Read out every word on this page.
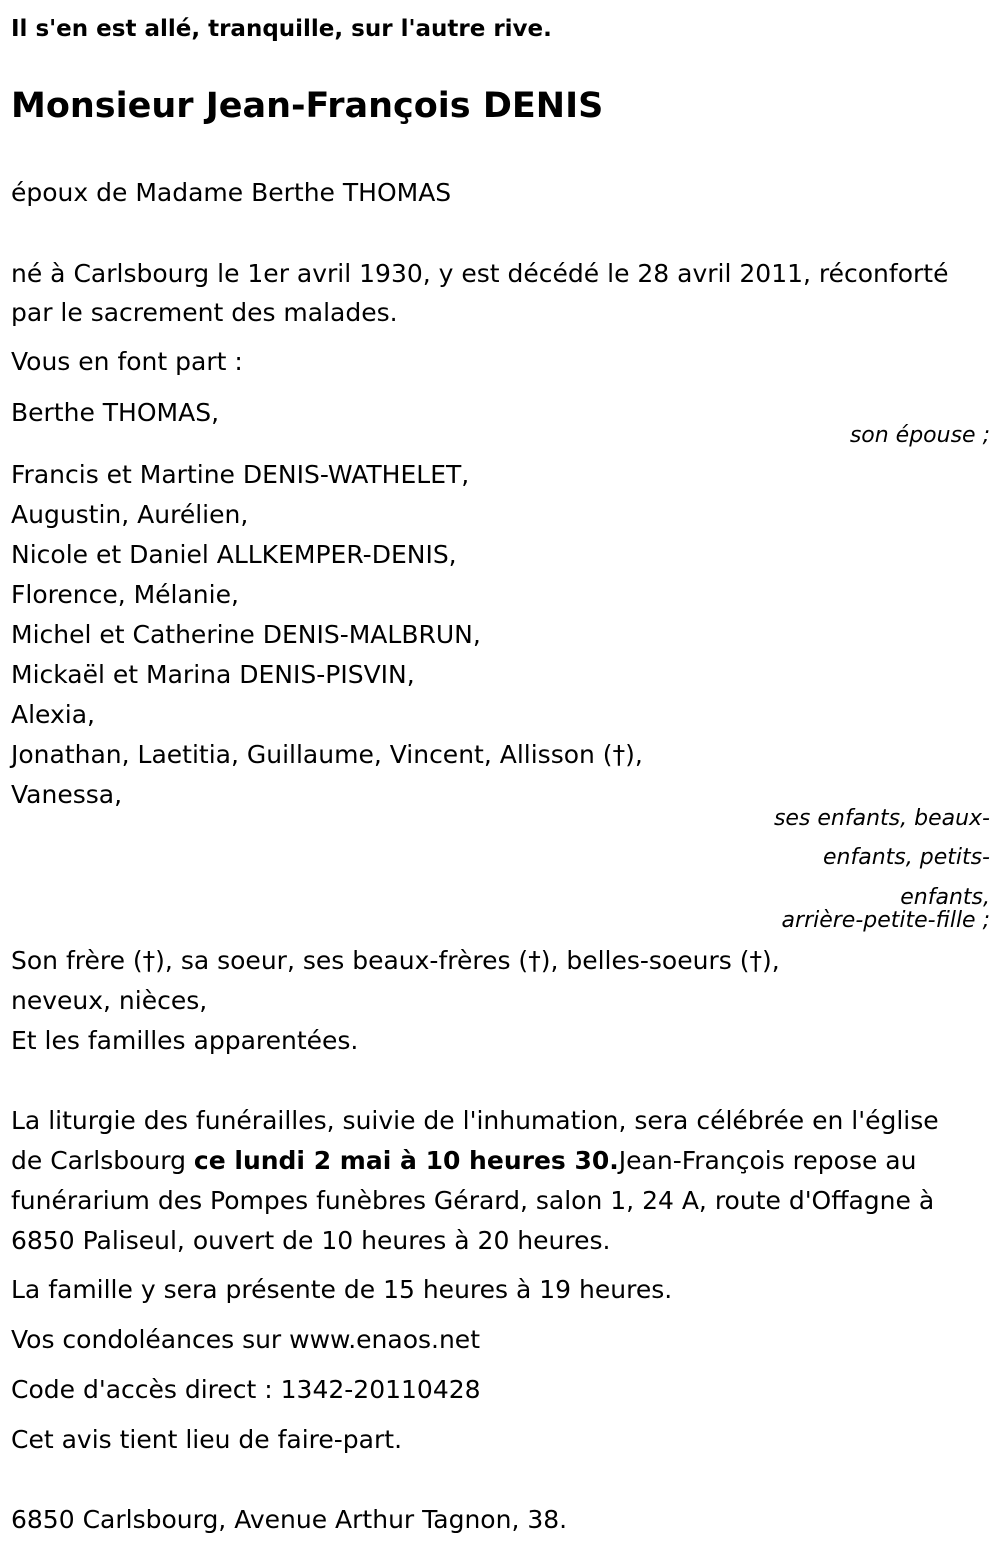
Il s'en est allé, tranquille, sur l'autre rive.

Monsieur Jean-François DENIS

époux de Madame Berthe THOMAS

né à Carlsbourg le 1er avril 1930, y est décédé le 28 avril 2011, réconforté

par le sacrement des malades.

Vous en font part :

Berthe THOMAS,

son épouse ;

Francis et Martine DENIS-WATHELET,

Augustin, Aurélien,

Nicole et Daniel ALLKEMPER-DENIS,

Florence, Mélanie,

Michel et Catherine DENIS-MALBRUN,

Mickaël et Marina DENIS-PISVIN,

Alexia,

Jonathan, Laetitia, Guillaume, Vincent, Allisson (†),

Vanessa,

ses enfants, beaux-

enfants, petits-

enfants,

arrière-petite-fille ;

Son frère (†), sa soeur, ses beaux-frères (†), belles-soeurs (†),

neveux, nièces,

Et les familles apparentées.

La liturgie des funérailles, suivie de l'inhumation, sera célébrée en l'église

de Carlsbourg ce lundi 2 mai à 10 heures 30.Jean-François repose au

funérarium des Pompes funèbres Gérard, salon 1, 24 A, route d'Offagne à

6850 Paliseul, ouvert de 10 heures à 20 heures.

La famille y sera présente de 15 heures à 19 heures.

Vos condoléances sur www.enaos.net

Code d'accès direct : 1342-20110428

Cet avis tient lieu de faire-part.

6850 Carlsbourg, Avenue Arthur Tagnon, 38.
